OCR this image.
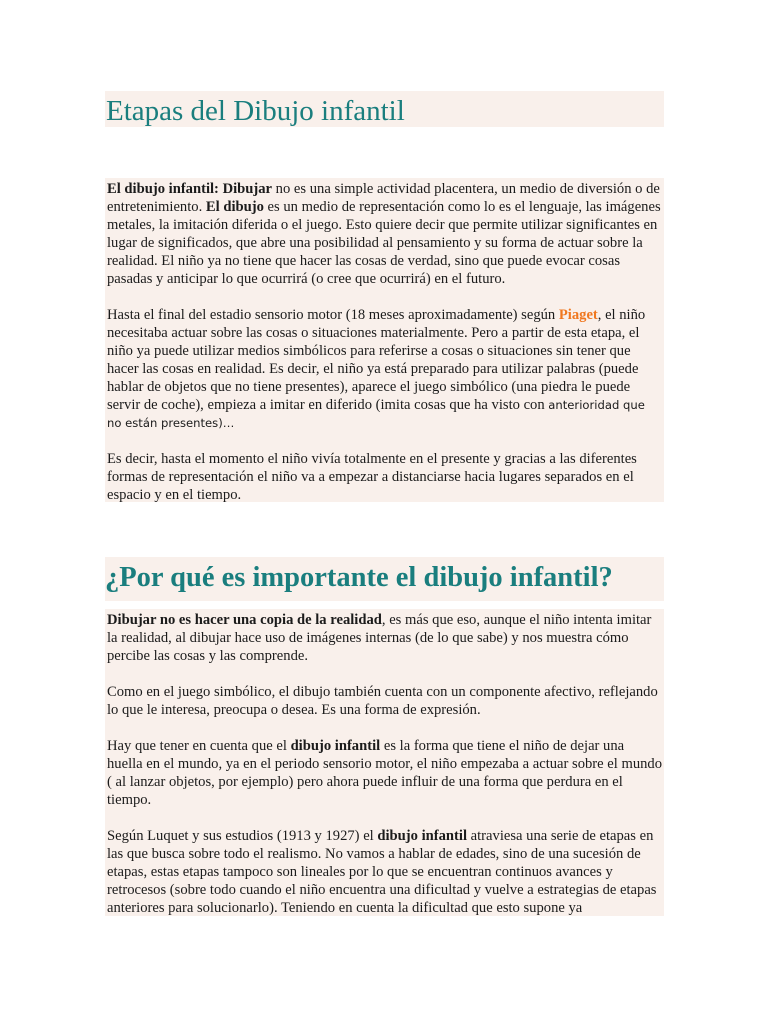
Etapas del Dibujo infantil

El dibujo infantil: Dibujar no es una simple actividad placentera, un medio de diversión o de entretenimiento. El dibujo es un medio de representación como lo es el lenguaje, las imágenes metales, la imitación diferida o el juego. Esto quiere decir que permite utilizar significantes en lugar de significados, que abre una posibilidad al pensamiento y su forma de actuar sobre la realidad. El niño ya no tiene que hacer las cosas de verdad, sino que puede evocar cosas pasadas y anticipar lo que ocurrirá (o cree que ocurrirá) en el futuro.

Hasta el final del estadio sensorio motor (18 meses aproximadamente) según Piaget, el niño necesitaba actuar sobre las cosas o situaciones materialmente. Pero a partir de esta etapa, el niño ya puede utilizar medios simbólicos para referirse a cosas o situaciones sin tener que hacer las cosas en realidad. Es decir, el niño ya está preparado para utilizar palabras (puede hablar de objetos que no tiene presentes), aparece el juego simbólico (una piedra le puede servir de coche), empieza a imitar en diferido (imita cosas que ha visto con anterioridad que no están presentes)…

Es decir, hasta el momento el niño vivía totalmente en el presente y gracias a las diferentes formas de representación el niño va a empezar a distanciarse hacia lugares separados en el espacio y en el tiempo.

¿Por qué es importante el dibujo infantil?

Dibujar no es hacer una copia de la realidad, es más que eso, aunque el niño intenta imitar la realidad, al dibujar hace uso de imágenes internas (de lo que sabe) y nos muestra cómo percibe las cosas y las comprende.

Como en el juego simbólico, el dibujo también cuenta con un componente afectivo, reflejando lo que le interesa, preocupa o desea. Es una forma de expresión.

Hay que tener en cuenta que el dibujo infantil es la forma que tiene el niño de dejar una huella en el mundo, ya en el periodo sensorio motor, el niño empezaba a actuar sobre el mundo ( al lanzar objetos, por ejemplo) pero ahora puede influir de una forma que perdura en el tiempo.

Según Luquet y sus estudios (1913 y 1927) el dibujo infantil atraviesa una serie de etapas en las que busca sobre todo el realismo. No vamos a hablar de edades, sino de una sucesión de etapas, estas etapas tampoco son lineales por lo que se encuentran continuos avances y retrocesos (sobre todo cuando el niño encuentra una dificultad y vuelve a estrategias de etapas anteriores para solucionarlo). Teniendo en cuenta la dificultad que esto supone ya
